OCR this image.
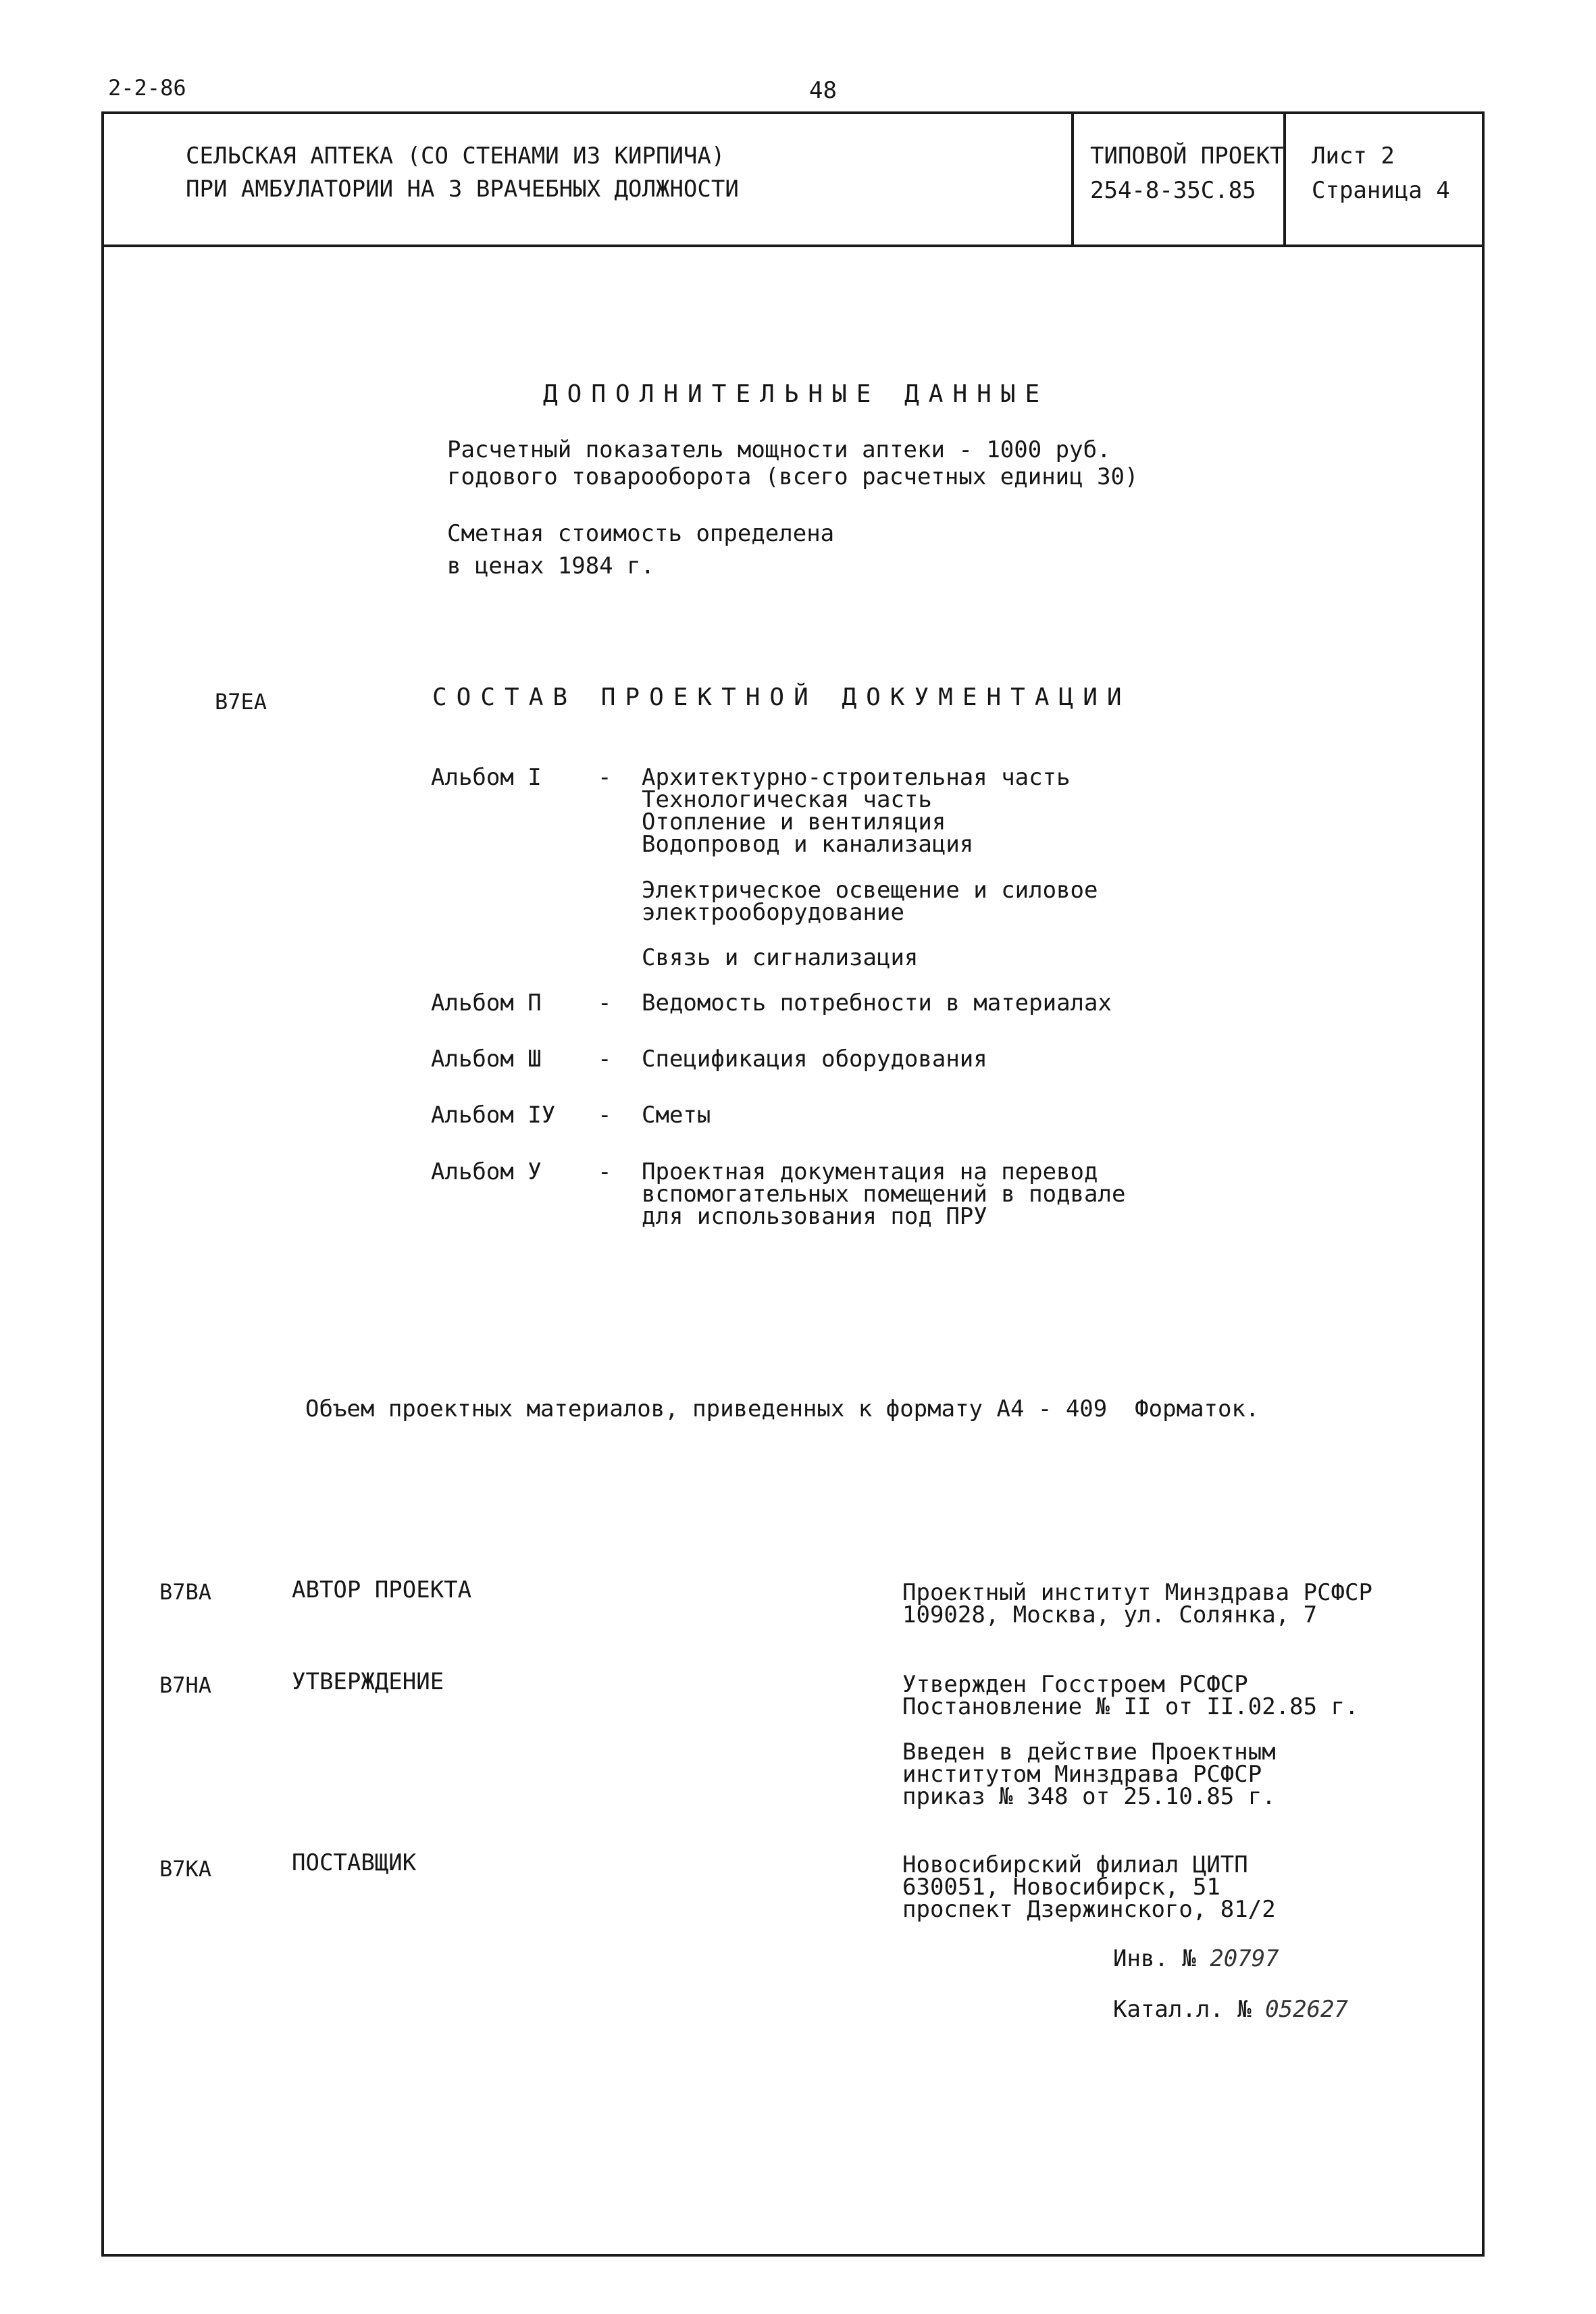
2-2-86	48
СЕЛЬСКАЯ АПТЕКА (СО СТЕНАМИ ИЗ КИРПИЧА)
ПРИ АМБУЛАТОРИИ НА 3 ВРАЧЕБНЫХ ДОЛЖНОСТИ
ТИПОВОЙ ПРОЕКТ
254-8-35С.85
Лист 2
Страница 4
ДОПОЛНИТЕЛЬНЫЕ ДАННЫЕ
Расчетный показатель мощности аптеки - 1000 руб.
годового товарооборота (всего расчетных единиц 30)
Сметная стоимость определена
в ценах 1984 г.
B7EA	СОСТАВ ПРОЕКТНОЙ ДОКУМЕНТАЦИИ
Альбом I - Архитектурно-строительная часть
Технологическая часть
Отопление и вентиляция
Водопровод и канализация
Электрическое освещение и силовое
электрооборудование
Связь и сигнализация
Альбом П - Ведомость потребности в материалах
Альбом Ш - Спецификация оборудования
Альбом IУ - Сметы
Альбом У - Проектная документация на перевод
вспомогательных помещений в подвале
для использования под ПРУ
Объем проектных материалов, приведенных к формату А4 - 409  Форматок.
B7BA	АВТОР ПРОЕКТА	Проектный институт Минздрава РСФСР
109028, Москва, ул. Солянка, 7
B7HA	УТВЕРЖДЕНИЕ	Утвержден Госстроем РСФСР
Постановление № II от II.02.85 г.
Введен в действие Проектным
институтом Минздрава РСФСР
приказ № 348 от 25.10.85 г.
B7KA	ПОСТАВЩИК	Новосибирский филиал ЦИТП
630051, Новосибирск, 51
проспект Дзержинского, 81/2
Инв. № 20797
Катал.л. № 052627
